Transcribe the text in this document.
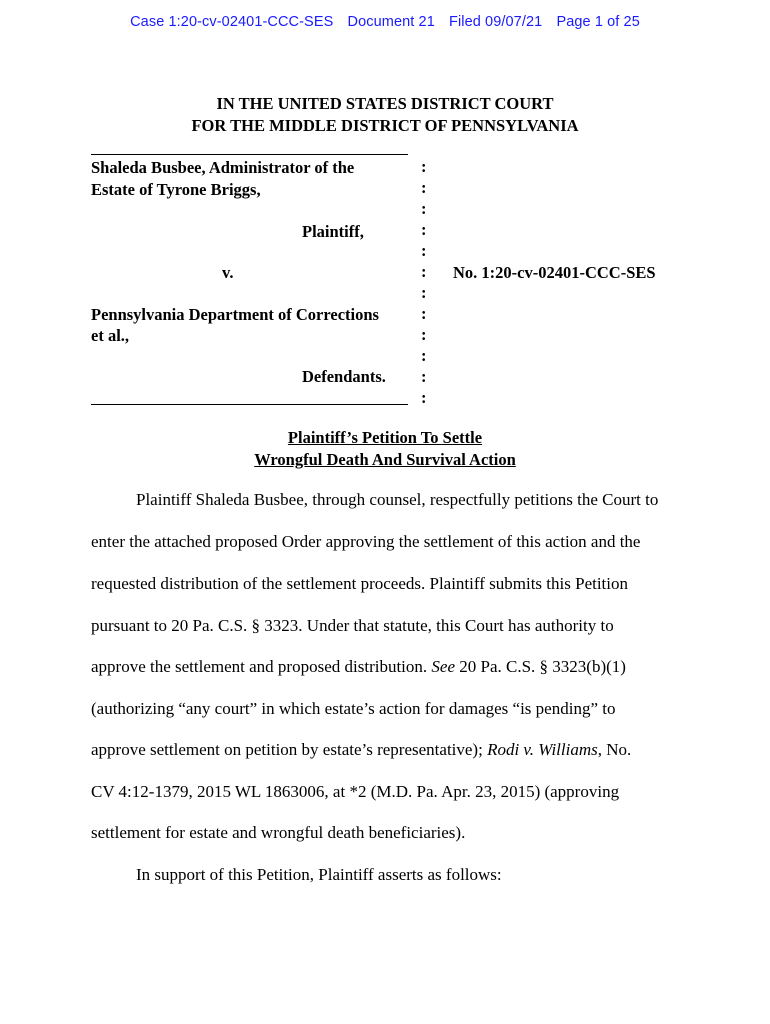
Case 1:20-cv-02401-CCC-SES Document 21 Filed 09/07/21 Page 1 of 25
IN THE UNITED STATES DISTRICT COURT
FOR THE MIDDLE DISTRICT OF PENNSYLVANIA
Shaleda Busbee, Administrator of the
Estate of Tyrone Briggs,
Plaintiff,
v.
Pennsylvania Department of Corrections
et al.,
Defendants.
:
:
:
:
:
:
:
:
:
:
:
:
No. 1:20-cv-02401-CCC-SES
Plaintiff’s Petition To Settle
Wrongful Death And Survival Action
Plaintiff Shaleda Busbee, through counsel, respectfully petitions the Court to
enter the attached proposed Order approving the settlement of this action and the
requested distribution of the settlement proceeds. Plaintiff submits this Petition
pursuant to 20 Pa. C.S. § 3323. Under that statute, this Court has authority to
approve the settlement and proposed distribution. See 20 Pa. C.S. § 3323(b)(1)
(authorizing “any court” in which estate’s action for damages “is pending” to
approve settlement on petition by estate’s representative); Rodi v. Williams, No.
CV 4:12-1379, 2015 WL 1863006, at *2 (M.D. Pa. Apr. 23, 2015) (approving
settlement for estate and wrongful death beneficiaries).
In support of this Petition, Plaintiff asserts as follows:
